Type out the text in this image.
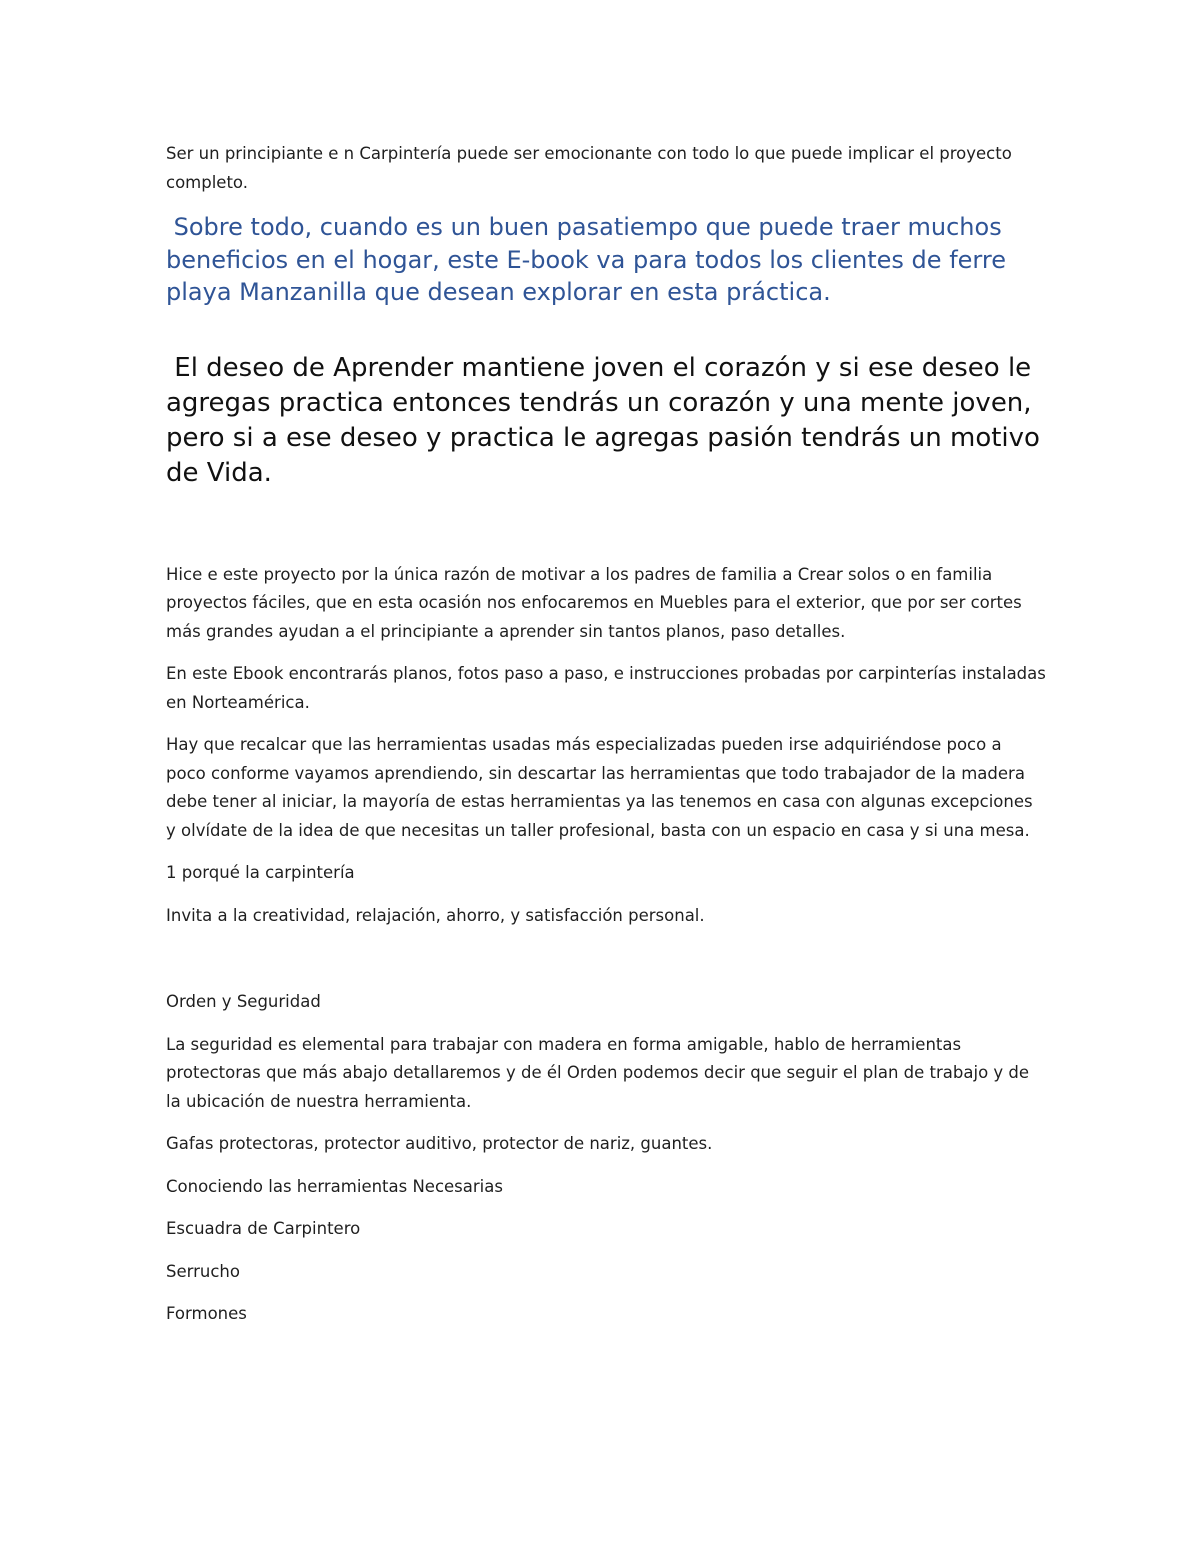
Ser un principiante e n Carpintería puede ser emocionante con todo lo que puede implicar el proyecto completo.

Sobre todo, cuando es un buen pasatiempo que puede traer muchos beneficios en el hogar, este E-book va para todos los clientes de ferre playa Manzanilla que desean explorar en esta práctica.

El deseo de Aprender mantiene joven el corazón y si ese deseo le agregas practica entonces tendrás un corazón y una mente joven, pero si a ese deseo y practica le agregas pasión tendrás un motivo de Vida.

Hice e este proyecto por la única razón de motivar a los padres de familia a Crear solos o en familia proyectos fáciles, que en esta ocasión nos enfocaremos en Muebles para el exterior, que por ser cortes más grandes ayudan a el principiante a aprender sin tantos planos, paso detalles.

En este Ebook encontrarás planos, fotos paso a paso, e instrucciones probadas por carpinterías instaladas en Norteamérica.

Hay que recalcar que las herramientas usadas más especializadas pueden irse adquiriéndose poco a poco conforme vayamos aprendiendo, sin descartar las herramientas que todo trabajador de la madera debe tener al iniciar, la mayoría de estas herramientas ya las tenemos en casa con algunas excepciones y olvídate de la idea de que necesitas un taller profesional, basta con un espacio en casa y si una mesa.

1 porqué la carpintería

Invita a la creatividad, relajación, ahorro, y satisfacción personal.

Orden y Seguridad

La seguridad es elemental para trabajar con madera en forma amigable, hablo de herramientas protectoras que más abajo detallaremos y de él Orden podemos decir que seguir el plan de trabajo y de la ubicación de nuestra herramienta.

Gafas protectoras, protector auditivo, protector de nariz, guantes.

Conociendo las herramientas Necesarias

Escuadra de Carpintero

Serrucho

Formones
